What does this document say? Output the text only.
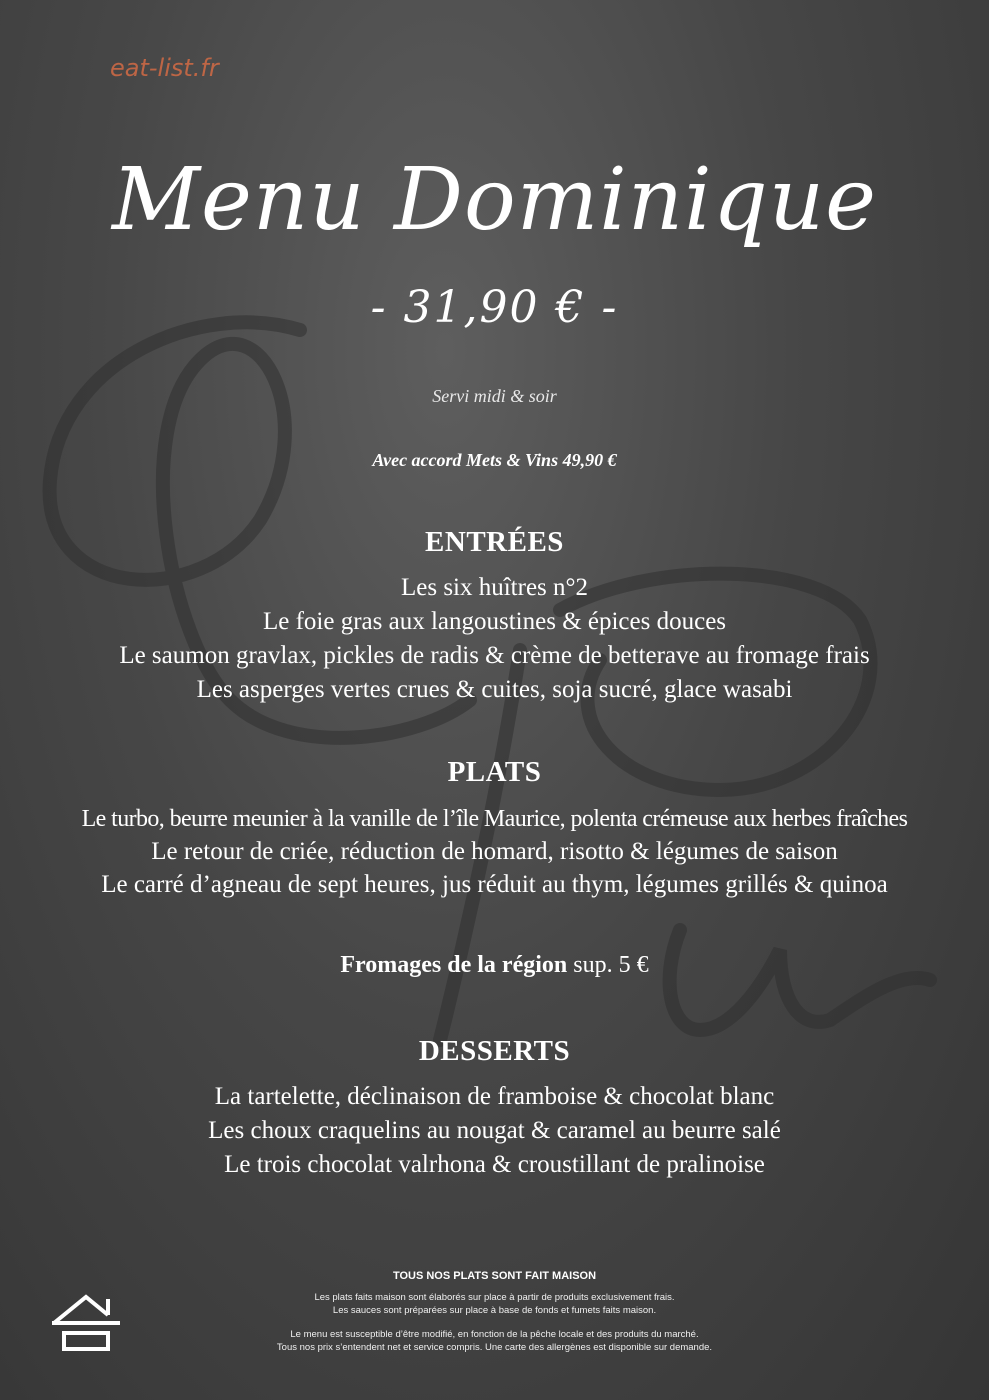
eat-list.fr
Menu Dominique
- 31,90 € -
Servi midi & soir
Avec accord Mets & Vins 49,90 €
ENTRÉES
Les six huîtres n°2
Le foie gras aux langoustines & épices douces
Le saumon gravlax, pickles de radis & crème de betterave au fromage frais
Les asperges vertes crues & cuites, soja sucré, glace wasabi
PLATS
Le turbo, beurre meunier à la vanille de l’île Maurice, polenta crémeuse aux herbes fraîches
Le retour de criée, réduction de homard, risotto & légumes de saison
Le carré d’agneau de sept heures, jus réduit au thym, légumes grillés & quinoa
Fromages de la région sup. 5 €
DESSERTS
La tartelette, déclinaison de framboise & chocolat blanc
Les choux craquelins au nougat & caramel au beurre salé
Le trois chocolat valrhona & croustillant de pralinoise
TOUS NOS PLATS SONT FAIT MAISON
Les plats faits maison sont élaborés sur place à partir de produits exclusivement frais.
Les sauces sont préparées sur place à base de fonds et fumets faits maison.
Le menu est susceptible d’être modifié, en fonction de la pêche locale et des produits du marché.
Tous nos prix s’entendent net et service compris. Une carte des allergènes est disponible sur demande.
